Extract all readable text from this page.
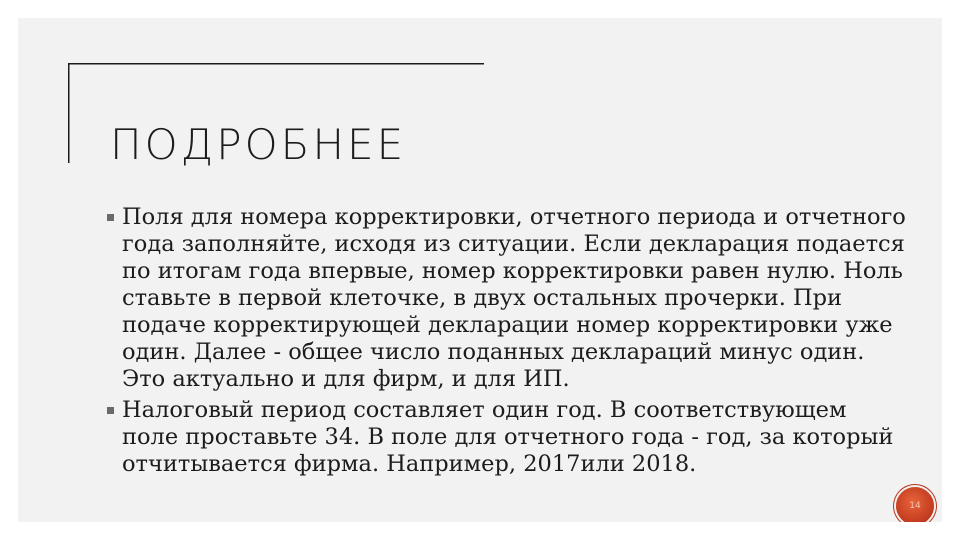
ПОДРОБНЕЕ
Поля для номера корректировки, отчетного периода и отчетного года заполняйте, исходя из ситуации. Если декларация подается по итогам года впервые, номер корректировки равен нулю. Ноль ставьте в первой клеточке, в двух остальных прочерки. При подаче корректирующей декларации номер корректировки уже один. Далее - общее число поданных деклараций минус один. Это актуально и для фирм, и для ИП.
Налоговый период составляет один год. В соответствующем поле проставьте 34. В поле для отчетного года - год, за который отчитывается фирма. Например, 2017или 2018.
14
